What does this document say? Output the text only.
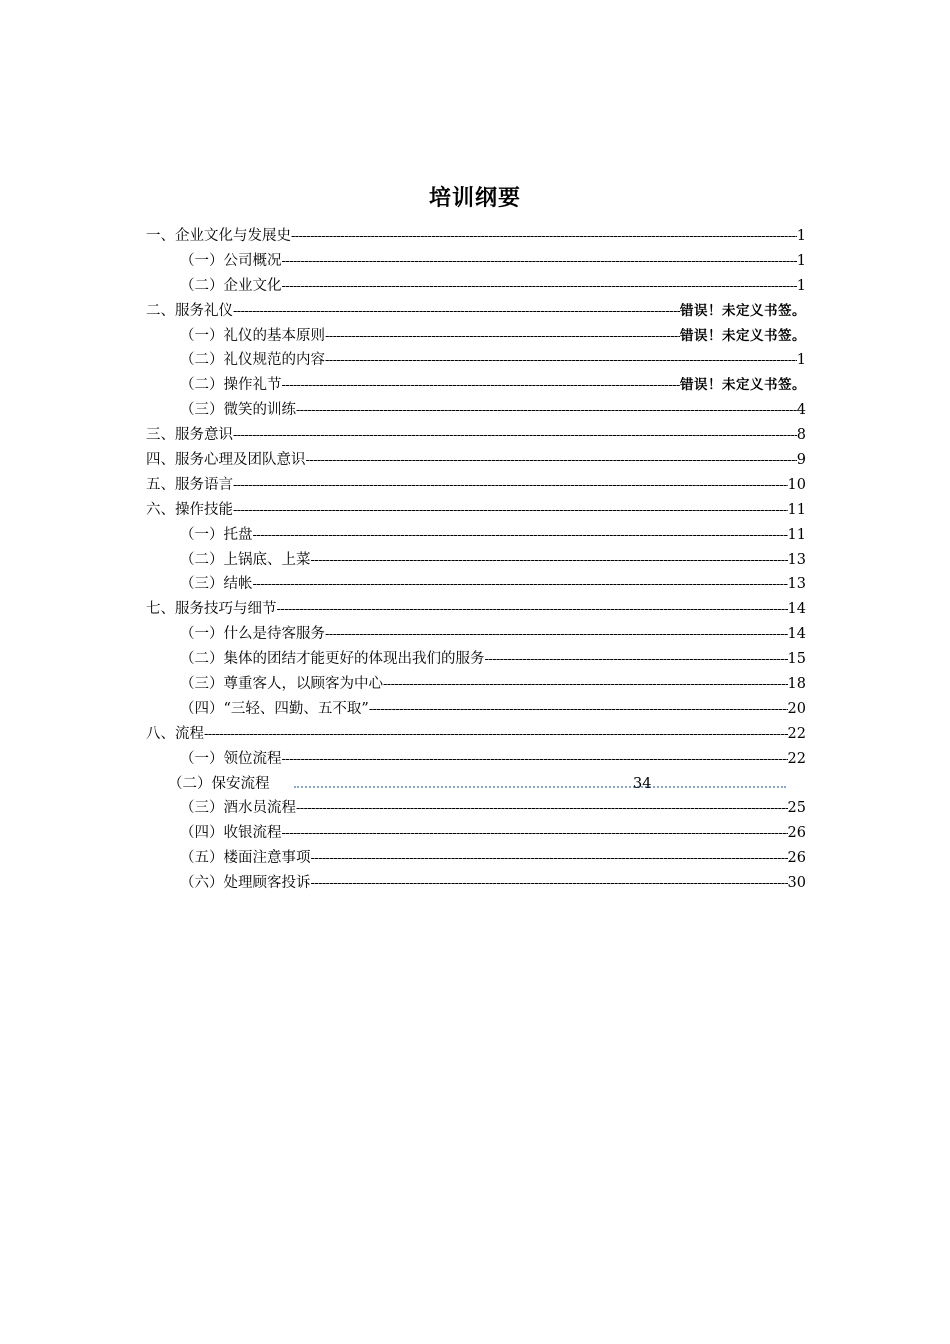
培训纲要
一、企业文化与发展史 -----	1
（一）公司概况 -----	1
（二）企业文化 -----	1
二、服务礼仪 -----	错误！未定义书签。
（一）礼仪的基本原则 -----	错误！未定义书签。
（二）礼仪规范的内容 -----	1
（二）操作礼节 -----	错误！未定义书签。
（三）微笑的训练 -----	4
三、服务意识 -----	8
四、服务心理及团队意识 -----	9
五、服务语言 -----	10
六、操作技能 -----	11
（一）托盘 -----	11
（二）上锅底、上菜 -----	13
（三）结帐 -----	13
七、服务技巧与细节 -----	14
（一）什么是待客服务 -----	14
（二）集体的团结才能更好的体现出我们的服务 -----	15
（三）尊重客人，以顾客为中心 -----	18
（四）“三轻、四勤、五不取” -----	20
八、流程 -----	22
（一）领位流程 -----	22
（二）保安流程	34
（三）酒水员流程 -----	25
（四）收银流程 -----	26
（五）楼面注意事项 -----	26
（六）处理顾客投诉 -----	30
